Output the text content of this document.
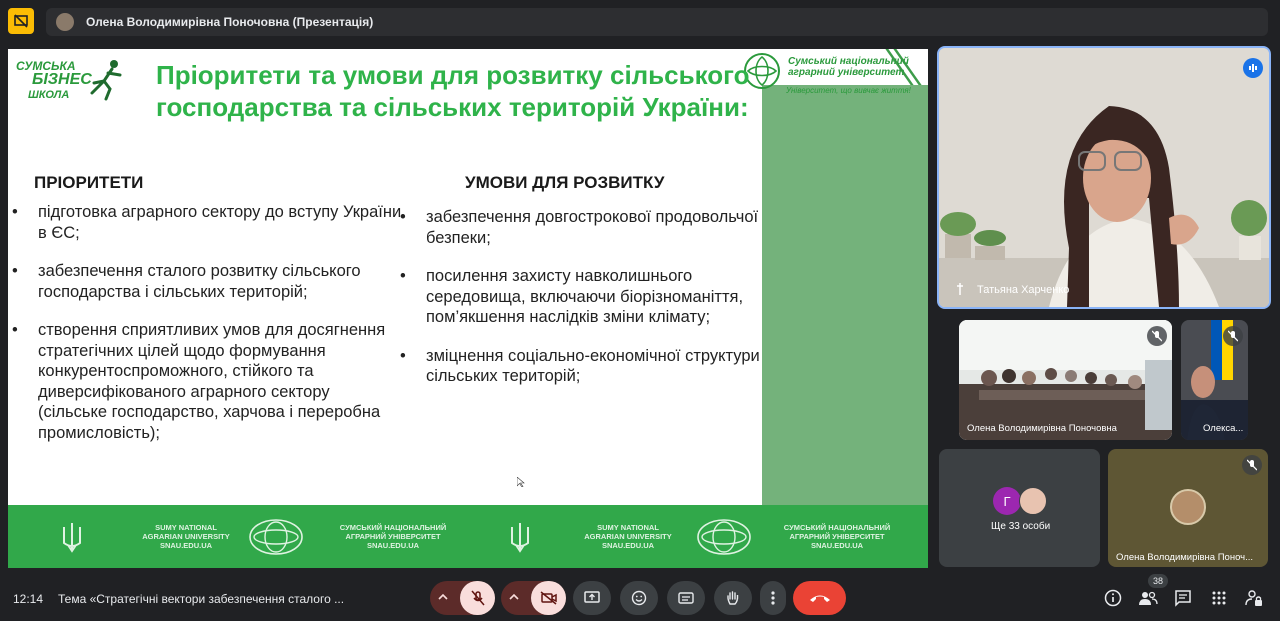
Олена Володимирівна Поночовна (Презентація)
СУМСЬКА
БІЗНЕС
ШКОЛА
Сумський національний
аграрний університет
Університет, що вивчає життя!
Пріоритети та умови для розвитку сільського господарства та сільських територій України:
ПРІОРИТЕТИ	УМОВИ ДЛЯ РОЗВИТКУ
• підготовка аграрного сектору до вступу України в ЄС;
• забезпечення сталого розвитку сільського господарства і сільських територій;
• створення сприятливих умов для досягнення стратегічних цілей щодо формування конкурентоспроможного, стійкого та диверсифікованого аграрного сектору (сільське господарство, харчова і переробна промисловість);
• забезпечення довгострокової продовольчої безпеки;
• посилення захисту навколишнього середовища, включаючи біорізноманіття, пом’якшення наслідків зміни клімату;
• зміцнення соціально-економічної структури сільських територій;
SUMY NATIONAL
AGRARIAN UNIVERSITY
SNAU.EDU.UA
СУМСЬКИЙ НАЦІОНАЛЬНИЙ
АГРАРНИЙ УНІВЕРСИТЕТ
SNAU.EDU.UA
SUMY NATIONAL
AGRARIAN UNIVERSITY
SNAU.EDU.UA
СУМСЬКИЙ НАЦІОНАЛЬНИЙ
АГРАРНИЙ УНІВЕРСИТЕТ
SNAU.EDU.UA
Татьяна Харченко
Олена Володимирівна Поночовна	Олекса...
Г
Ще 33 особи
Олена Володимирівна Поноч...
12:14 Тема «Стратегічні вектори забезпечення сталого ...
38
